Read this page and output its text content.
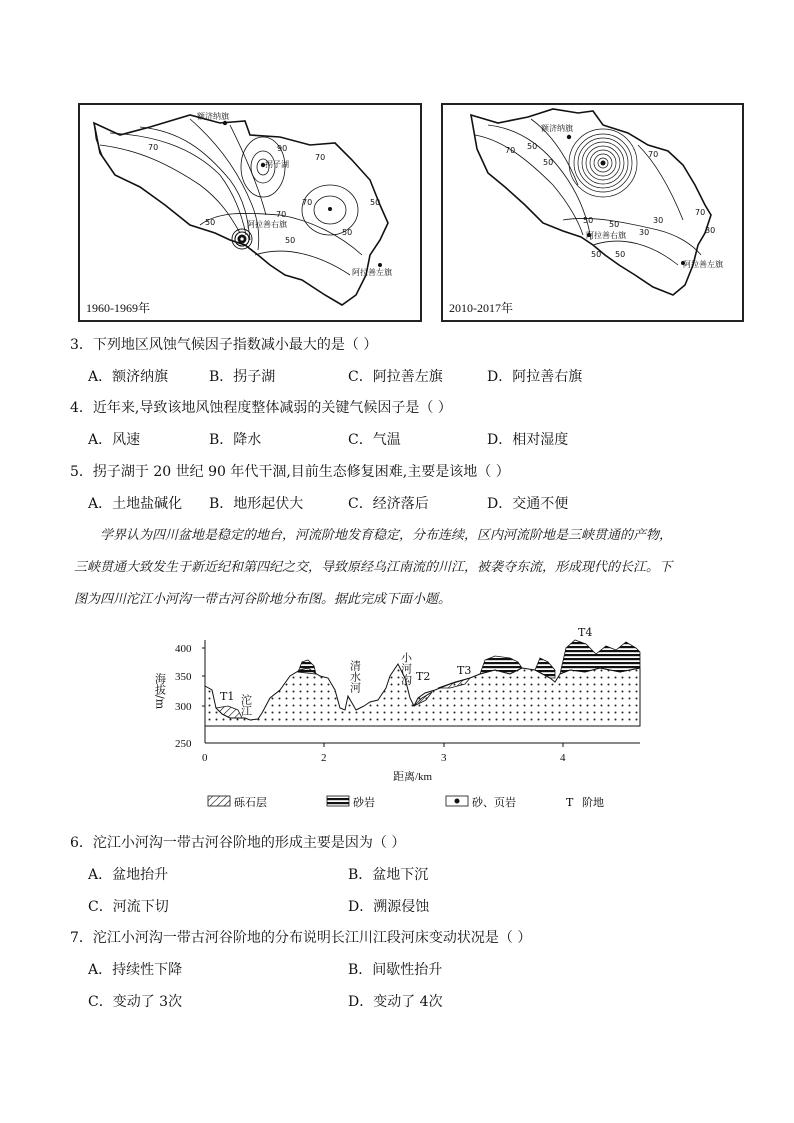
额济纳旗
拐子湖
阿拉善右旗
阿拉善左旗
70	90
70
70	50
50
50
70
50
1960-1969年
额济纳旗
阿拉善右旗
阿拉善左旗
70 50
70
50
50 50
30
70
30
30
50 50
2010-2017年
3．下列地区风蚀气候因子指数减小最大的是（ ）
A．额济纳旗	B．拐子湖	C．阿拉善左旗	D．阿拉善右旗
4．近年来,导致该地风蚀程度整体减弱的关键气候因子是（ ）
A．风速	B．降水	C．气温	D．相对湿度
5．拐子湖于 20 世纪 90 年代干涸,目前生态修复困难,主要是该地（ ）
A．土地盐碱化 B．地形起伏大	C．经济落后	D．交通不便
学界认为四川盆地是稳定的地台，河流阶地发育稳定，分布连续，区内河流阶地是三峡贯通的产物，
三峡贯通大致发生于新近纪和第四纪之交，导致原经乌江南流的川江，被袭夺东流，形成现代的长江。下
图为四川沱江小河沟一带古河谷阶地分布图。据此完成下面小题。
400
350
300
250
0	2	3	4
距离/km
海拔/m	T1
T2 T3
T4
沱江
清水河	小河沟
砾石层	砂岩	砂、页岩	T 阶地
6．沱江小河沟一带古河谷阶地的形成主要是因为（ ）
A．盆地抬升	B．盆地下沉
C．河流下切	D．溯源侵蚀
7．沱江小河沟一带古河谷阶地的分布说明长江川江段河床变动状况是（ ）
A．持续性下降	B．间歇性抬升
C．变动了 3次	D．变动了 4次
